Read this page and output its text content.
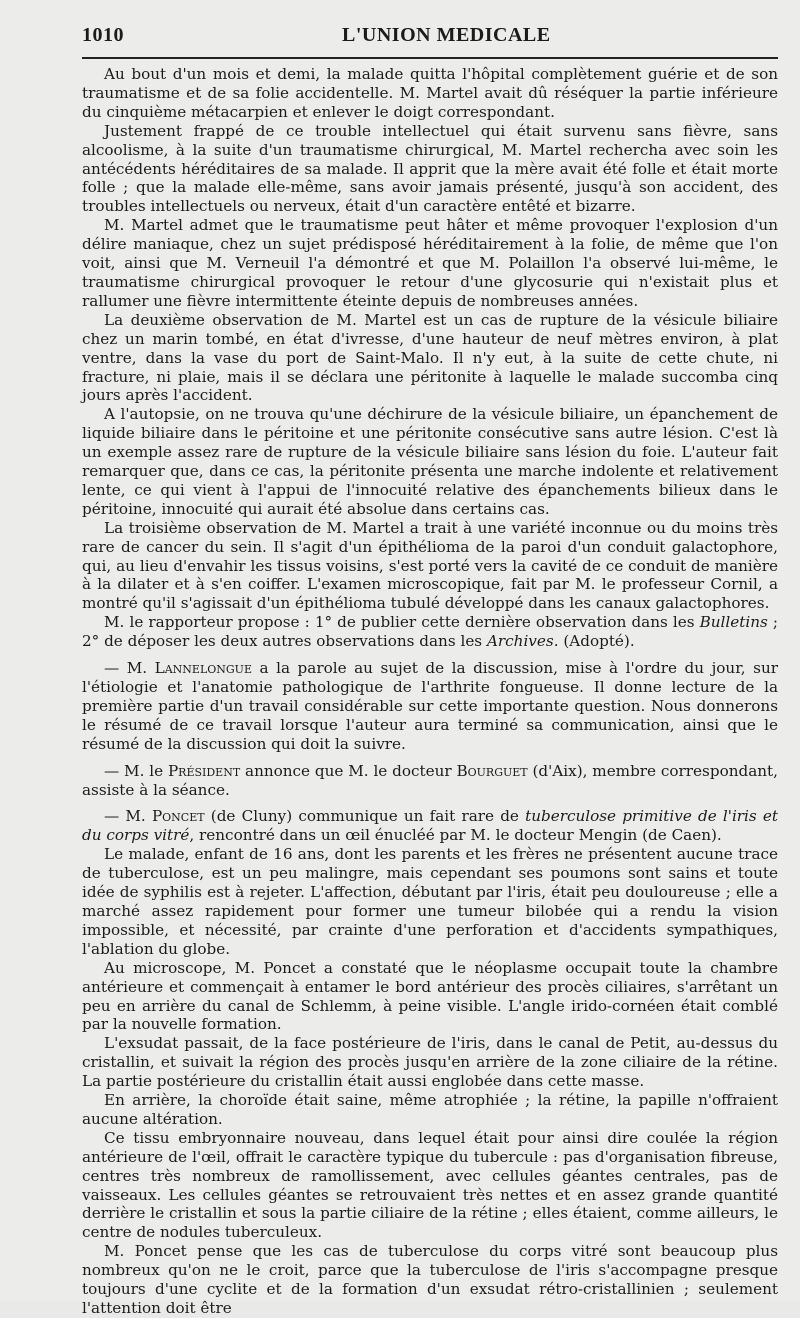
1010	L'UNION MEDICALE

Au bout d'un mois et demi, la malade quitta l'hôpital complètement guérie et de son traumatisme et de sa folie accidentelle. M. Martel avait dû réséquer la partie inférieure du cinquième métacarpien et enlever le doigt correspondant.

Justement frappé de ce trouble intellectuel qui était survenu sans fièvre, sans alcoolisme, à la suite d'un traumatisme chirurgical, M. Martel rechercha avec soin les antécédents héréditaires de sa malade. Il apprit que la mère avait été folle et était morte folle ; que la malade elle-même, sans avoir jamais présenté, jusqu'à son accident, des troubles intellectuels ou nerveux, était d'un caractère entêté et bizarre.

M. Martel admet que le traumatisme peut hâter et même provoquer l'explosion d'un délire maniaque, chez un sujet prédisposé héréditairement à la folie, de même que l'on voit, ainsi que M. Verneuil l'a démontré et que M. Polaillon l'a observé lui-même, le traumatisme chirurgical provoquer le retour d'une glycosurie qui n'existait plus et rallumer une fièvre intermittente éteinte depuis de nombreuses années.

La deuxième observation de M. Martel est un cas de rupture de la vésicule biliaire chez un marin tombé, en état d'ivresse, d'une hauteur de neuf mètres environ, à plat ventre, dans la vase du port de Saint-Malo. Il n'y eut, à la suite de cette chute, ni fracture, ni plaie, mais il se déclara une péritonite à laquelle le malade succomba cinq jours après l'accident.

A l'autopsie, on ne trouva qu'une déchirure de la vésicule biliaire, un épanchement de liquide biliaire dans le péritoine et une péritonite consécutive sans autre lésion. C'est là un exemple assez rare de rupture de la vésicule biliaire sans lésion du foie. L'auteur fait remarquer que, dans ce cas, la péritonite présenta une marche indolente et relativement lente, ce qui vient à l'appui de l'innocuité relative des épanchements bilieux dans le péritoine, innocuité qui aurait été absolue dans certains cas.

La troisième observation de M. Martel a trait à une variété inconnue ou du moins très rare de cancer du sein. Il s'agit d'un épithélioma de la paroi d'un conduit galactophore, qui, au lieu d'envahir les tissus voisins, s'est porté vers la cavité de ce conduit de manière à la dilater et à s'en coiffer. L'examen microscopique, fait par M. le professeur Cornil, a montré qu'il s'agissait d'un épithélioma tubulé développé dans les canaux galactophores.

M. le rapporteur propose : 1° de publier cette dernière observation dans les Bulletins ; 2° de déposer les deux autres observations dans les Archives. (Adopté).

— M. Lannelongue a la parole au sujet de la discussion, mise à l'ordre du jour, sur l'étiologie et l'anatomie pathologique de l'arthrite fongueuse. Il donne lecture de la première partie d'un travail considérable sur cette importante question. Nous donnerons le résumé de ce travail lorsque l'auteur aura terminé sa communication, ainsi que le résumé de la discussion qui doit la suivre.

— M. le Président annonce que M. le docteur Bourguet (d'Aix), membre correspondant, assiste à la séance.

— M. Poncet (de Cluny) communique un fait rare de tuberculose primitive de l'iris et du corps vitré, rencontré dans un œil énucléé par M. le docteur Mengin (de Caen).

Le malade, enfant de 16 ans, dont les parents et les frères ne présentent aucune trace de tuberculose, est un peu malingre, mais cependant ses poumons sont sains et toute idée de syphilis est à rejeter. L'affection, débutant par l'iris, était peu douloureuse ; elle a marché assez rapidement pour former une tumeur bilobée qui a rendu la vision impossible, et nécessité, par crainte d'une perforation et d'accidents sympathiques, l'ablation du globe.

Au microscope, M. Poncet a constaté que le néoplasme occupait toute la chambre antérieure et commençait à entamer le bord antérieur des procès ciliaires, s'arrêtant un peu en arrière du canal de Schlemm, à peine visible. L'angle irido-cornéen était comblé par la nouvelle formation.

L'exsudat passait, de la face postérieure de l'iris, dans le canal de Petit, au-dessus du cristallin, et suivait la région des procès jusqu'en arrière de la zone ciliaire de la rétine. La partie postérieure du cristallin était aussi englobée dans cette masse.

En arrière, la choroïde était saine, même atrophiée ; la rétine, la papille n'offraient aucune altération.

Ce tissu embryonnaire nouveau, dans lequel était pour ainsi dire coulée la région antérieure de l'œil, offrait le caractère typique du tubercule : pas d'organisation fibreuse, centres très nombreux de ramollissement, avec cellules géantes centrales, pas de vaisseaux. Les cellules géantes se retrouvaient très nettes et en assez grande quantité derrière le cristallin et sous la partie ciliaire de la rétine ; elles étaient, comme ailleurs, le centre de nodules tuberculeux.

M. Poncet pense que les cas de tuberculose du corps vitré sont beaucoup plus nombreux qu'on ne le croit, parce que la tuberculose de l'iris s'accompagne presque toujours d'une cyclite et de la formation d'un exsudat rétro-cristallinien ; seulement l'attention doit être
